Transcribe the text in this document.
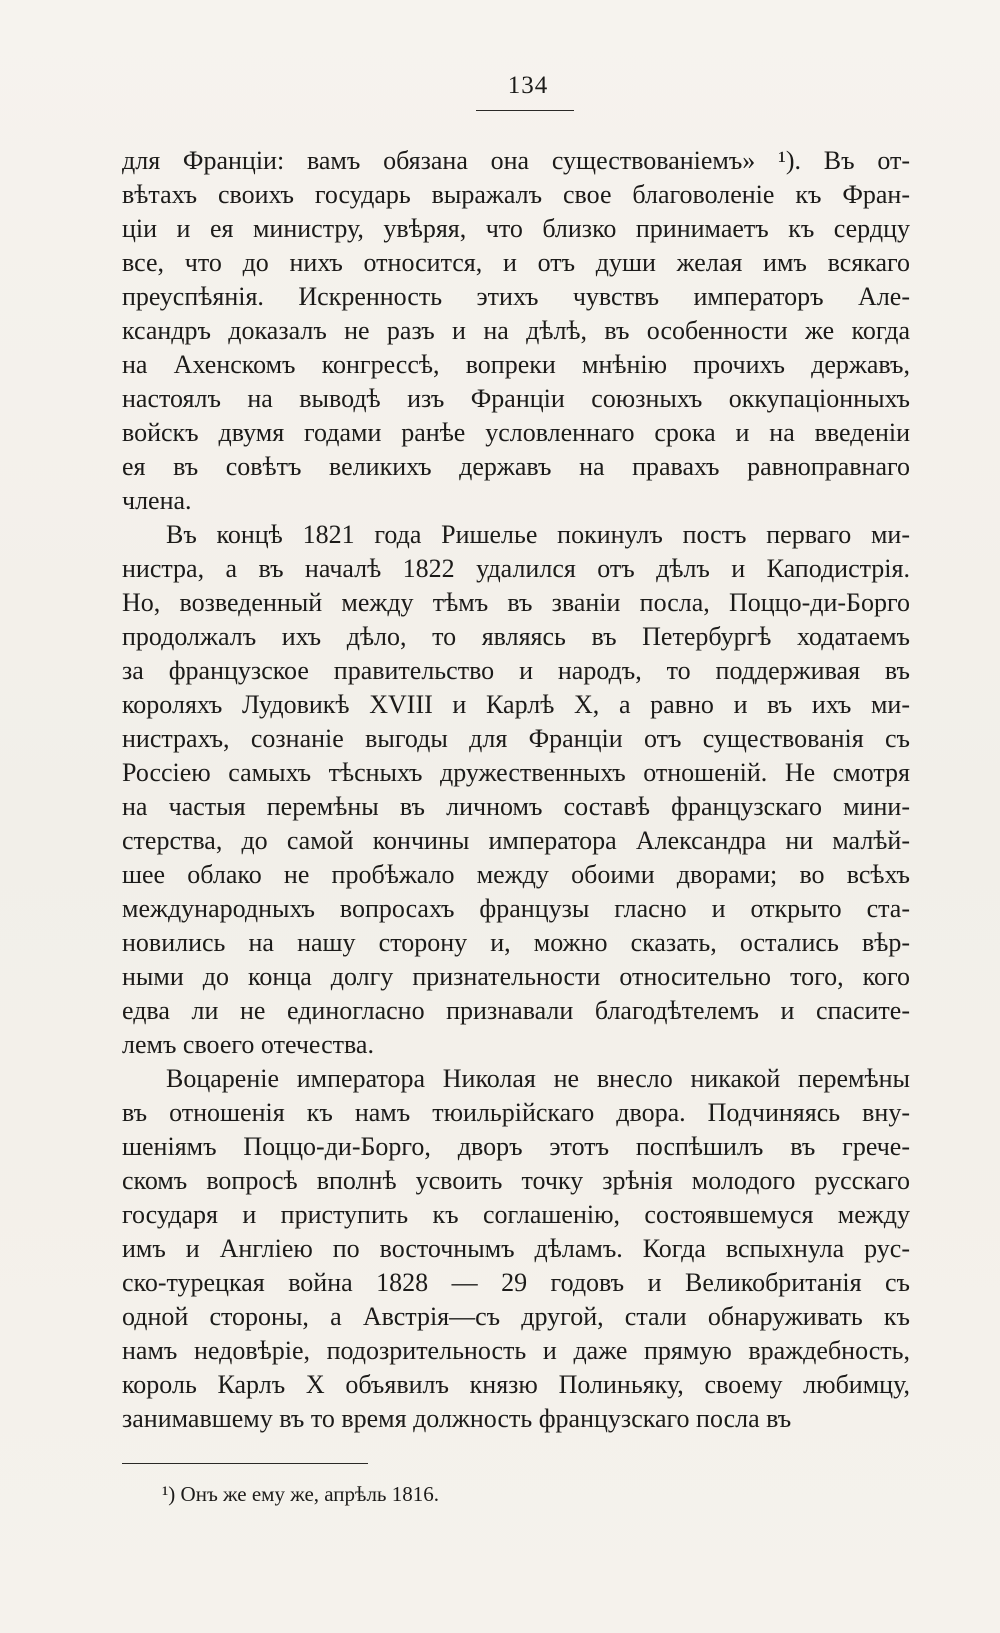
134
для Франціи: вамъ обязана она существованіемъ» ¹). Въ от-
вѣтахъ своихъ государь выражалъ свое благоволеніе къ Фран-
ціи и ея министру, увѣряя, что близко принимаетъ къ сердцу
все, что до нихъ относится, и отъ души желая имъ всякаго
преуспѣянія. Искренность этихъ чувствъ императоръ Але-
ксандръ доказалъ не разъ и на дѣлѣ, въ особенности же когда
на Ахенскомъ конгрессѣ, вопреки мнѣнію прочихъ державъ,
настоялъ на выводѣ изъ Франціи союзныхъ оккупаціонныхъ
войскъ двумя годами ранѣе условленнаго срока и на введеніи
ея въ совѣтъ великихъ державъ на правахъ равноправнаго
члена.
Въ концѣ 1821 года Ришелье покинулъ постъ перваго ми-
нистра, а въ началѣ 1822 удалился отъ дѣлъ и Каподистрія.
Но, возведенный между тѣмъ въ званіи посла, Поццо-ди-Борго
продолжалъ ихъ дѣло, то являясь въ Петербургѣ ходатаемъ
за французское правительство и народъ, то поддерживая въ
короляхъ Лудовикѣ XVIII и Карлѣ X, а равно и въ ихъ ми-
нистрахъ, сознаніе выгоды для Франціи отъ существованія съ
Россіею самыхъ тѣсныхъ дружественныхъ отношеній. Не смотря
на частыя перемѣны въ личномъ составѣ французскаго мини-
стерства, до самой кончины императора Александра ни малѣй-
шее облако не пробѣжало между обоими дворами; во всѣхъ
международныхъ вопросахъ французы гласно и открыто ста-
новились на нашу сторону и, можно сказать, остались вѣр-
ными до конца долгу признательности относительно того, кого
едва ли не единогласно признавали благодѣтелемъ и спасите-
лемъ своего отечества.
Воцареніе императора Николая не внесло никакой перемѣны
въ отношенія къ намъ тюильрійскаго двора. Подчиняясь вну-
шеніямъ Поццо-ди-Борго, дворъ этотъ поспѣшилъ въ грече-
скомъ вопросѣ вполнѣ усвоить точку зрѣнія молодого русскаго
государя и приступить къ соглашенію, состоявшемуся между
имъ и Англіею по восточнымъ дѣламъ. Когда вспыхнула рус-
ско-турецкая война 1828 — 29 годовъ и Великобританія съ
одной стороны, а Австрія—съ другой, стали обнаруживать къ
намъ недовѣріе, подозрительность и даже прямую враждебность,
король Карлъ X объявилъ князю Полиньяку, своему любимцу,
занимавшему въ то время должность французскаго посла въ
¹) Онъ же ему же, апрѣль 1816.
